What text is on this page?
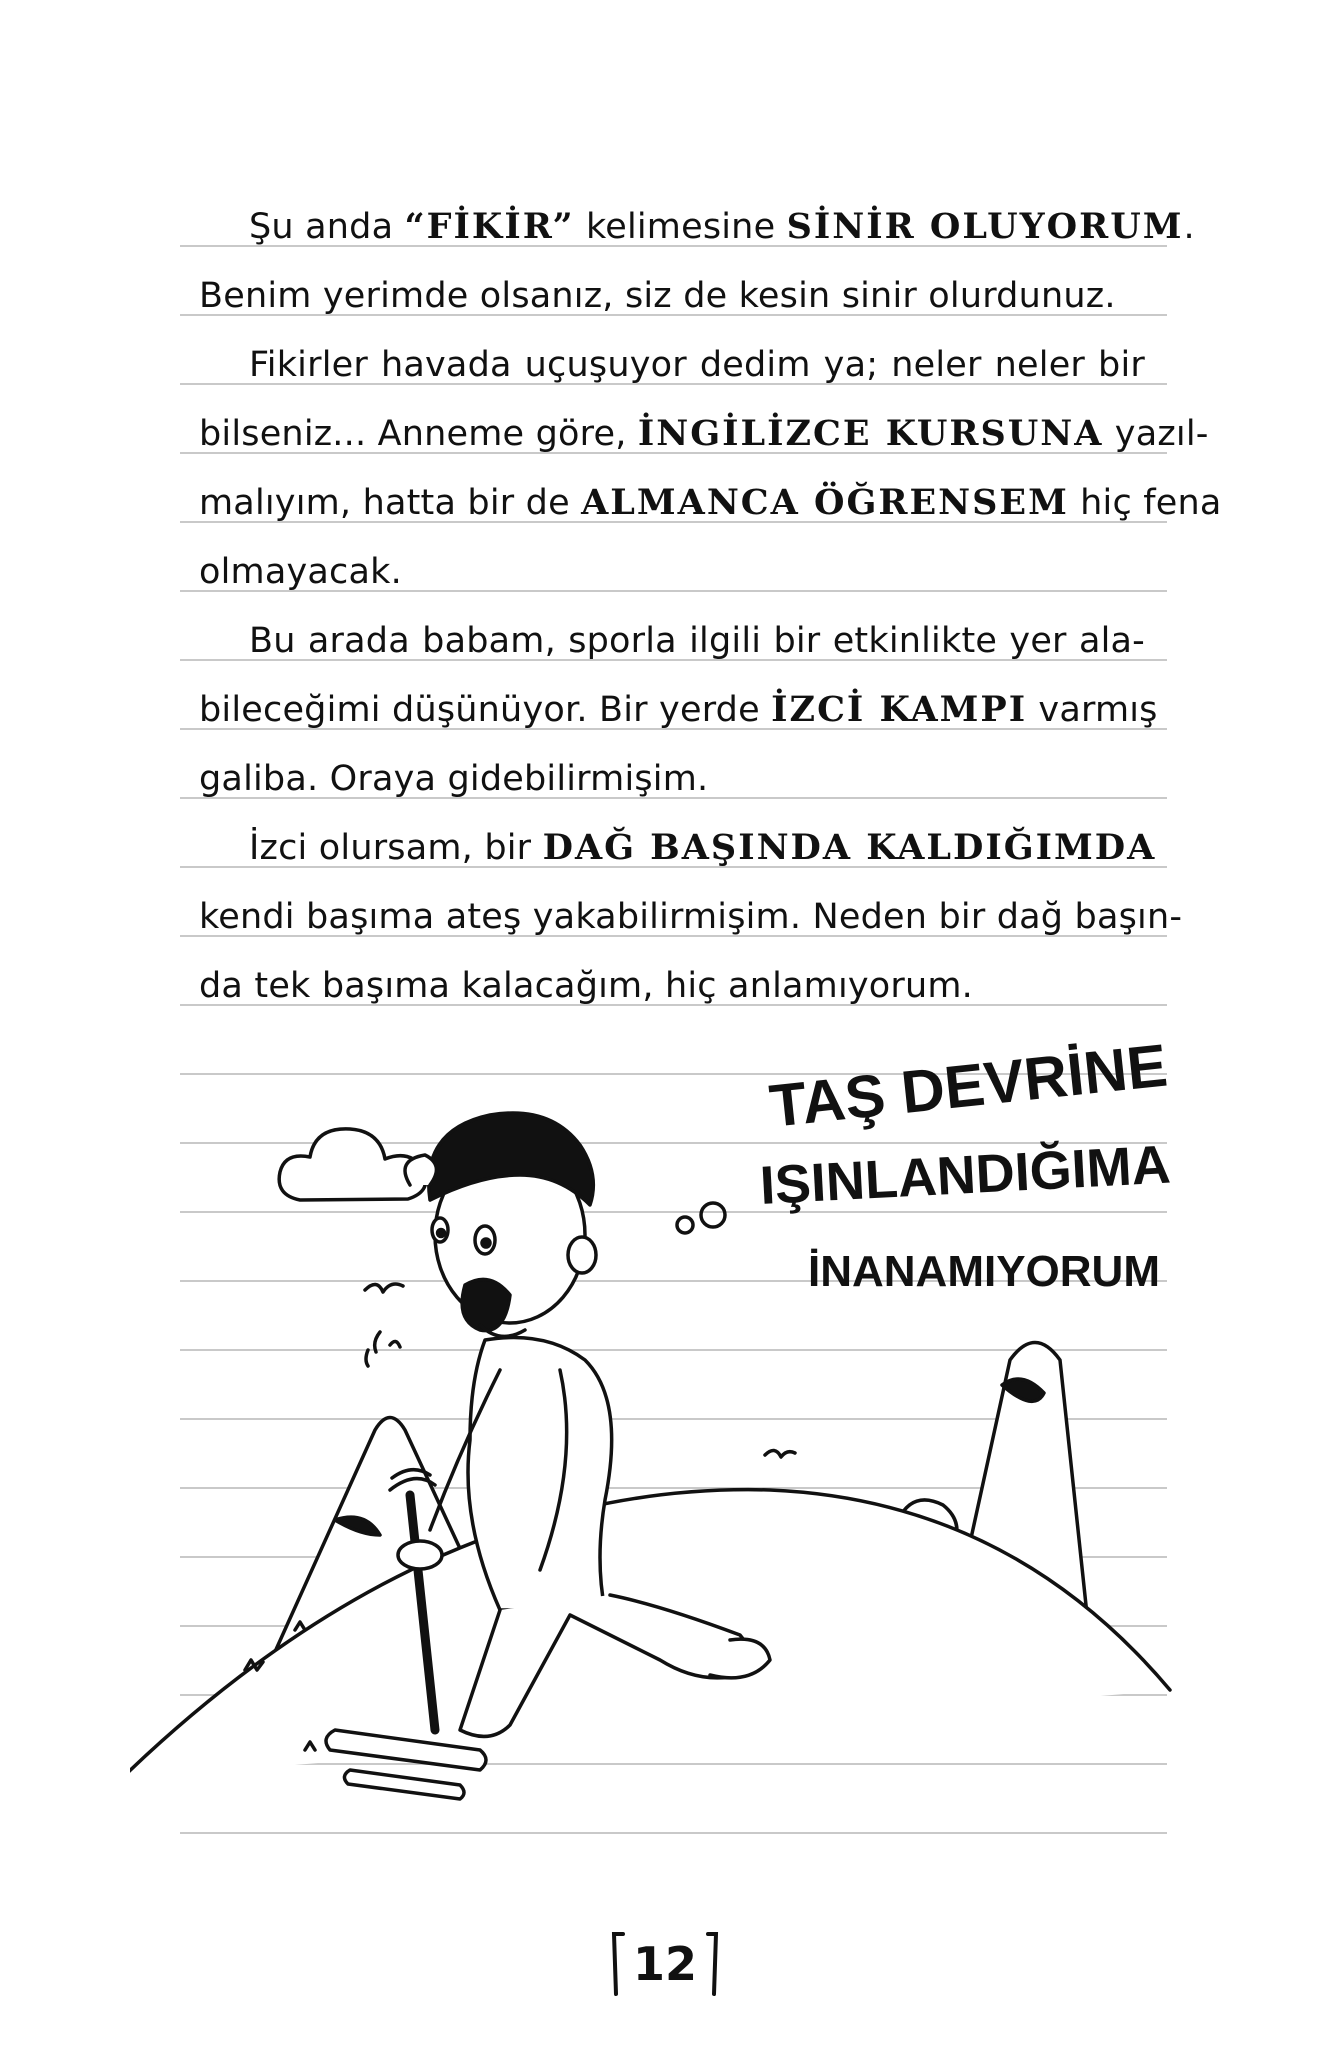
Şu anda “FİKİR” kelimesine SİNİR OLUYORUM.
Benim yerimde olsanız, siz de kesin sinir olurdunuz.
Fikirler havada uçuşuyor dedim ya; neler neler bir
bilseniz... Anneme göre, İNGİLİZCE KURSUNA yazıl-
malıyım, hatta bir de ALMANCA ÖĞRENSEM hiç fena
olmayacak.
Bu arada babam, sporla ilgili bir etkinlikte yer ala-
bileceğimi düşünüyor. Bir yerde İZCİ KAMPI varmış
galiba. Oraya gidebilirmişim.
İzci olursam, bir DAĞ BAŞINDA KALDIĞIMDA
kendi başıma ateş yakabilirmişim. Neden bir dağ başın-
da tek başıma kalacağım, hiç anlamıyorum.
TAŞ DEVRİNE
IŞINLANDIĞIMA
İNANAMIYORUM
12
